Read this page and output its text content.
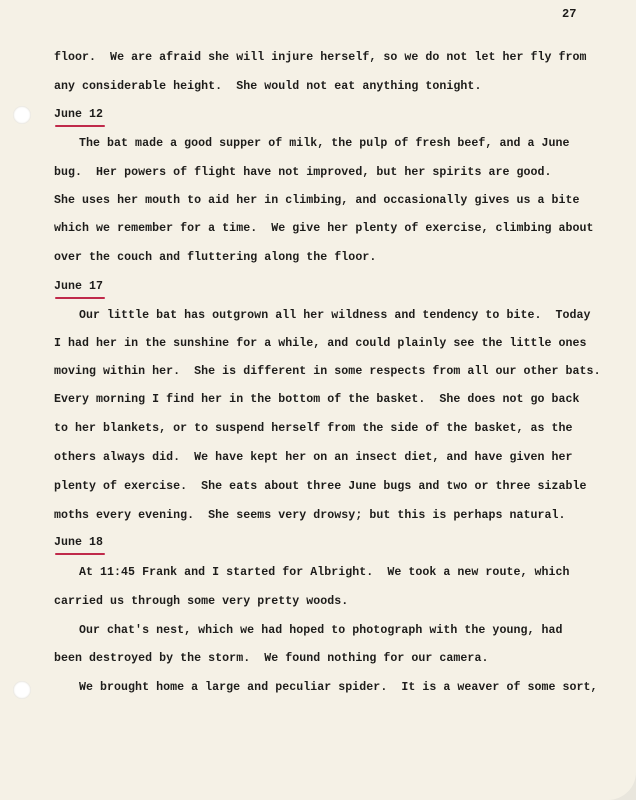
27
floor.  We are afraid she will injure herself, so we do not let her fly from
any considerable height.  She would not eat anything tonight.
June 12
The bat made a good supper of milk, the pulp of fresh beef, and a June
bug.  Her powers of flight have not improved, but her spirits are good.
She uses her mouth to aid her in climbing, and occasionally gives us a bite
which we remember for a time.  We give her plenty of exercise, climbing about
over the couch and fluttering along the floor.
June 17
Our little bat has outgrown all her wildness and tendency to bite.  Today
I had her in the sunshine for a while, and could plainly see the little ones
moving within her.  She is different in some respects from all our other bats.
Every morning I find her in the bottom of the basket.  She does not go back
to her blankets, or to suspend herself from the side of the basket, as the
others always did.  We have kept her on an insect diet, and have given her
plenty of exercise.  She eats about three June bugs and two or three sizable
moths every evening.  She seems very drowsy; but this is perhaps natural.
June 18
At 11:45 Frank and I started for Albright.  We took a new route, which
carried us through some very pretty woods.
Our chat's nest, which we had hoped to photograph with the young, had
been destroyed by the storm.  We found nothing for our camera.
We brought home a large and peculiar spider.  It is a weaver of some sort,
